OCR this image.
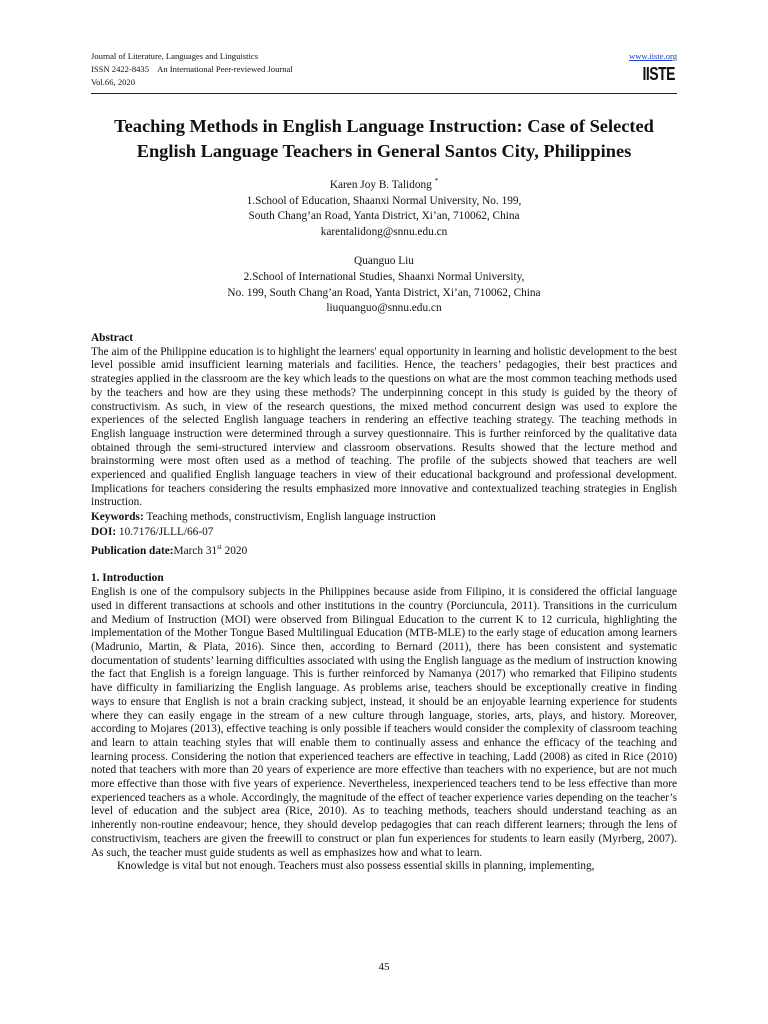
Journal of Literature, Languages and Linguistics
ISSN 2422-8435    An International Peer-reviewed Journal
Vol.66, 2020
www.iiste.org
IISTE
Teaching Methods in English Language Instruction: Case of Selected English Language Teachers in General Santos City, Philippines
Karen Joy B. Talidong *
1.School of Education, Shaanxi Normal University, No. 199,
South Chang’an Road, Yanta District, Xi’an, 710062, China
karentalidong@snnu.edu.cn
Quanguo Liu
2.School of International Studies, Shaanxi Normal University,
No. 199, South Chang’an Road, Yanta District, Xi’an, 710062, China
liuquanguo@snnu.edu.cn
Abstract

The aim of the Philippine education is to highlight the learners' equal opportunity in learning and holistic development to the best level possible amid insufficient learning materials and facilities. Hence, the teachers’ pedagogies, their best practices and strategies applied in the classroom are the key which leads to the questions on what are the most common teaching methods used by the teachers and how are they using these methods? The underpinning concept in this study is guided by the theory of constructivism. As such, in view of the research questions, the mixed method concurrent design was used to explore the experiences of the selected English language teachers in rendering an effective teaching strategy. The teaching methods in English language instruction were determined through a survey questionnaire. This is further reinforced by the qualitative data obtained through the semi-structured interview and classroom observations. Results showed that the lecture method and brainstorming were most often used as a method of teaching. The profile of the subjects showed that teachers are well experienced and qualified English language teachers in view of their educational background and professional development. Implications for teachers considering the results emphasized more innovative and contextualized teaching strategies in English instruction.

Keywords: Teaching methods, constructivism, English language instruction
DOI: 10.7176/JLLL/66-07
Publication date:March 31st 2020
1. Introduction

English is one of the compulsory subjects in the Philippines because aside from Filipino, it is considered the official language used in different transactions at schools and other institutions in the country (Porciuncula, 2011). Transitions in the curriculum and Medium of Instruction (MOI) were observed from Bilingual Education to the current K to 12 curricula, highlighting the implementation of the Mother Tongue Based Multilingual Education (MTB-MLE) to the early stage of education among learners (Madrunio, Martin, & Plata, 2016). Since then, according to Bernard (2011), there has been consistent and systematic documentation of students’ learning difficulties associated with using the English language as the medium of instruction knowing the fact that English is a foreign language. This is further reinforced by Namanya (2017) who remarked that Filipino students have difficulty in familiarizing the English language. As problems arise, teachers should be exceptionally creative in finding ways to ensure that English is not a brain cracking subject, instead, it should be an enjoyable learning experience for students where they can easily engage in the stream of a new culture through language, stories, arts, plays, and history. Moreover, according to Mojares (2013), effective teaching is only possible if teachers would consider the complexity of classroom teaching and learn to attain teaching styles that will enable them to continually assess and enhance the efficacy of the teaching and learning process. Considering the notion that experienced teachers are effective in teaching, Ladd (2008) as cited in Rice (2010) noted that teachers with more than 20 years of experience are more effective than teachers with no experience, but are not much more effective than those with five years of experience. Nevertheless, inexperienced teachers tend to be less effective than more experienced teachers as a whole. Accordingly, the magnitude of the effect of teacher experience varies depending on the teacher’s level of education and the subject area (Rice, 2010). As to teaching methods, teachers should understand teaching as an inherently non-routine endeavour; hence, they should develop pedagogies that can reach different learners; through the lens of constructivism, teachers are given the freewill to construct or plan fun experiences for students to learn easily (Myrberg, 2007). As such, the teacher must guide students as well as emphasizes how and what to learn.

Knowledge is vital but not enough. Teachers must also possess essential skills in planning, implementing,

45
